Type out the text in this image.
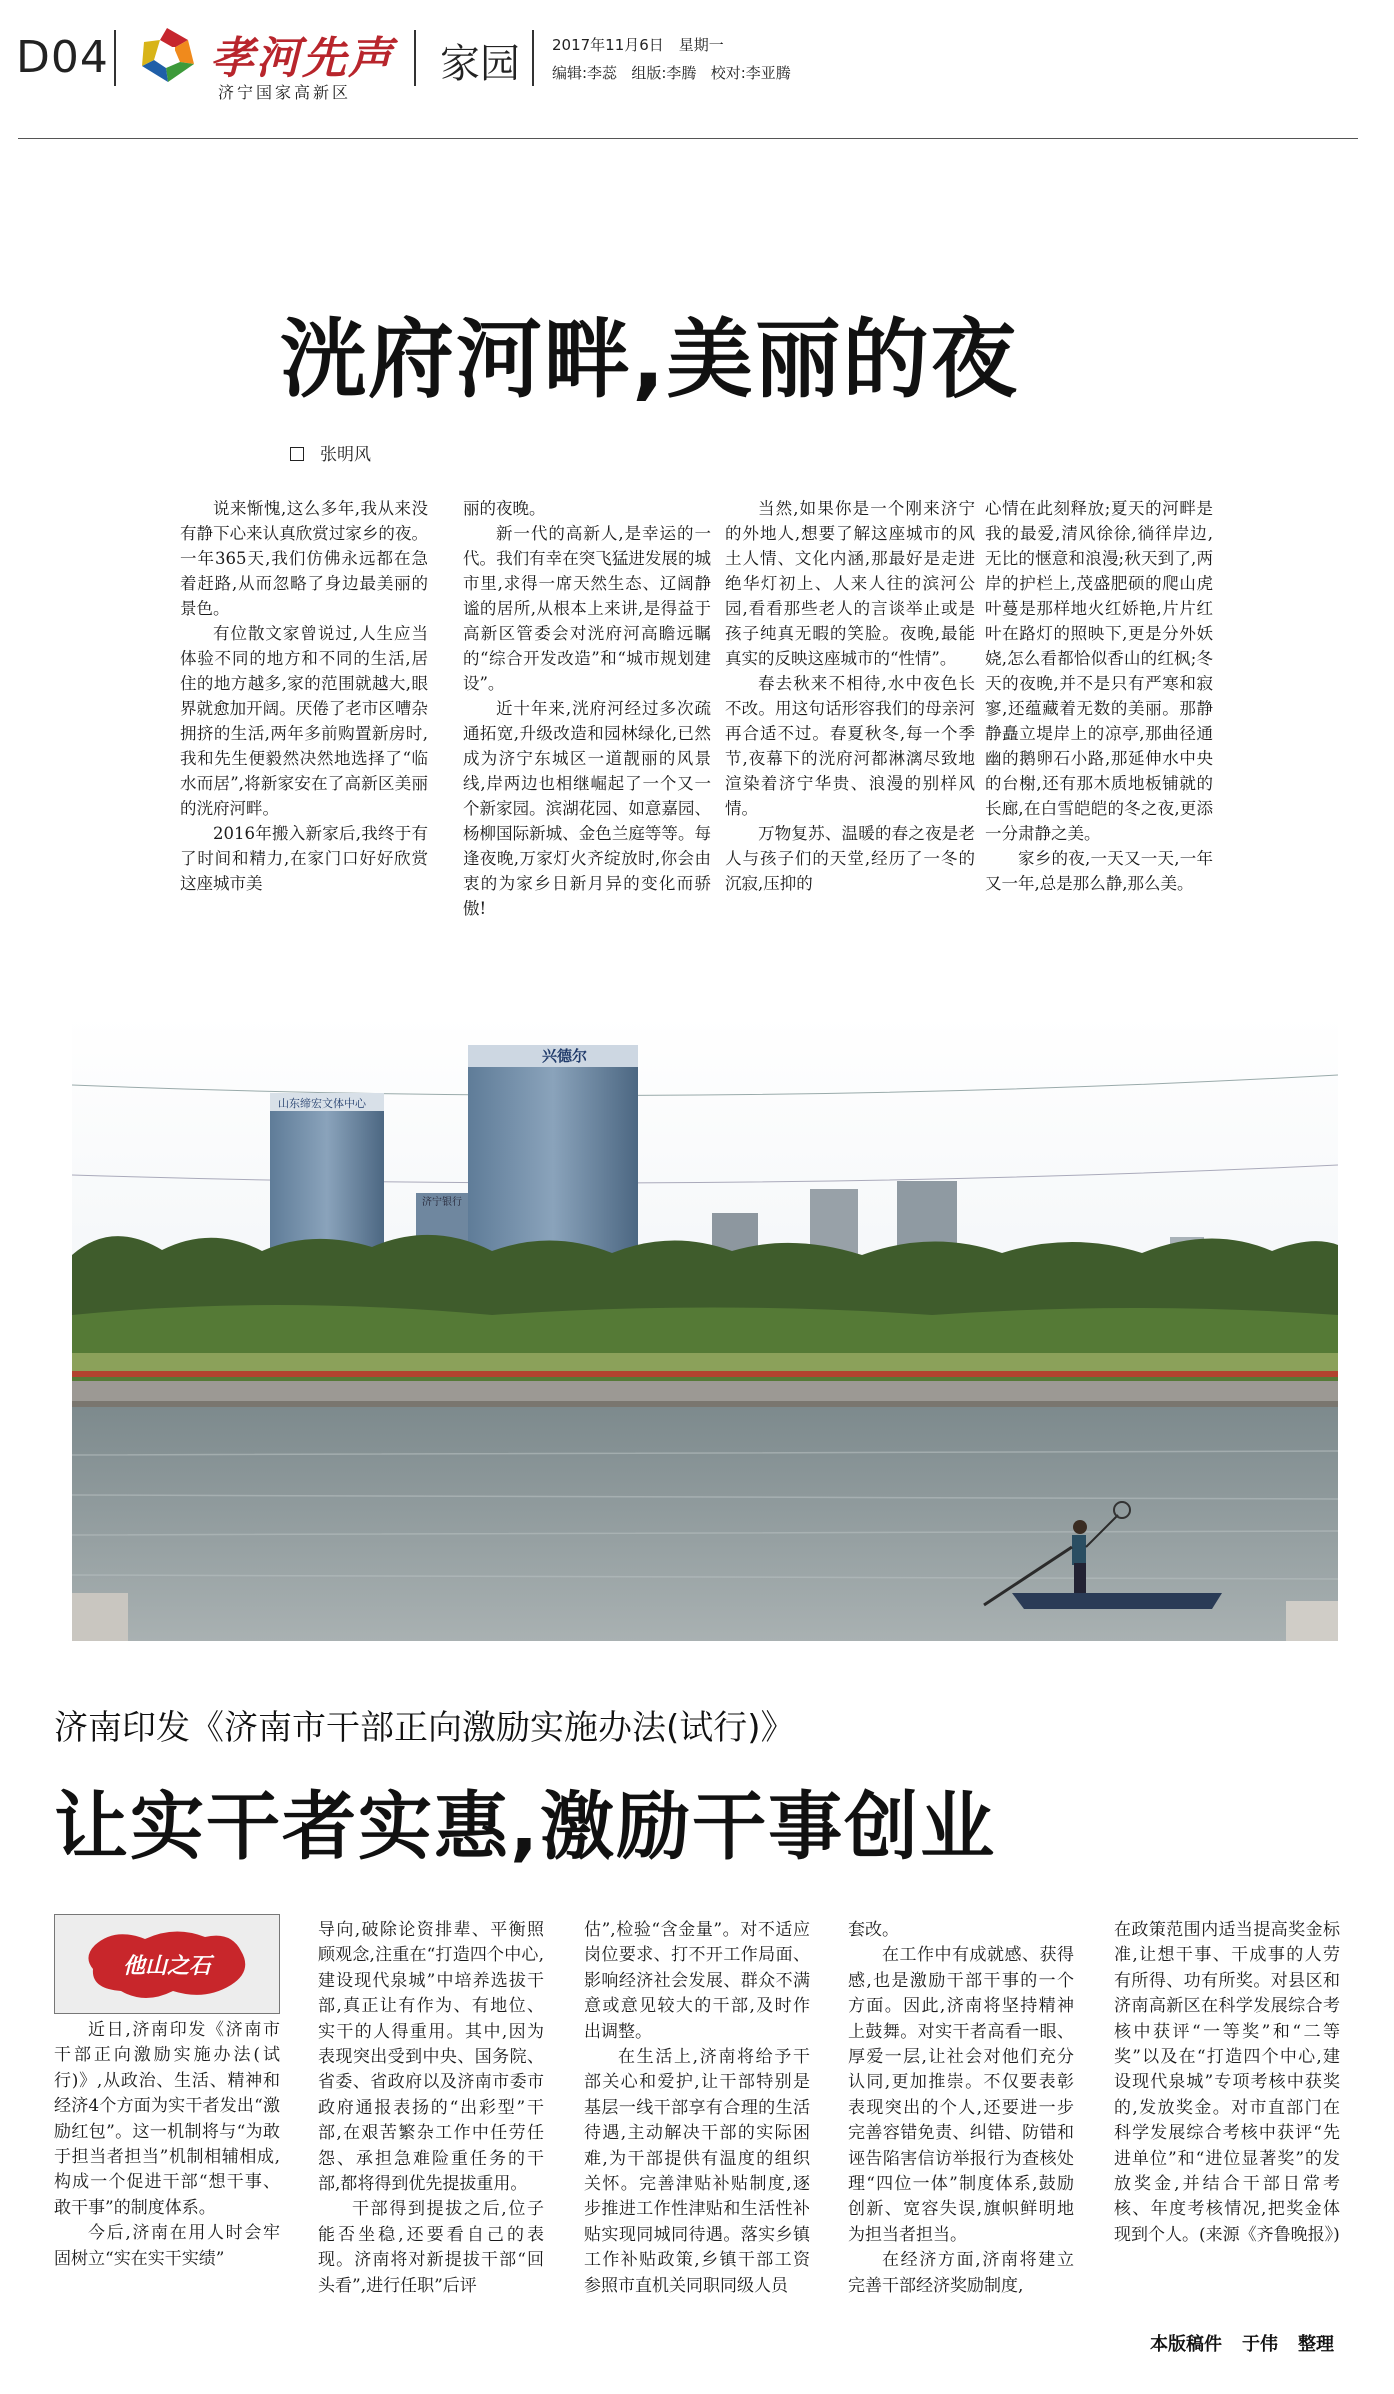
D04 孝河先声
济宁国家高新区
家园 2017年11月6日　星期一
编辑:李蕊 组版:李腾 校对:李亚腾
洸府河畔,美丽的夜
张明风

说来惭愧,这么多年,我从来没有静下心来认真欣赏过家乡的夜。一年365天,我们仿佛永远都在急着赶路,从而忽略了身边最美丽的景色。

有位散文家曾说过,人生应当体验不同的地方和不同的生活,居住的地方越多,家的范围就越大,眼界就愈加开阔。厌倦了老市区嘈杂拥挤的生活,两年多前购置新房时,我和先生便毅然决然地选择了“临水而居”,将新家安在了高新区美丽的洸府河畔。

2016年搬入新家后,我终于有了时间和精力,在家门口好好欣赏这座城市美

丽的夜晚。

新一代的高新人,是幸运的一代。我们有幸在突飞猛进发展的城市里,求得一席天然生态、辽阔静谧的居所,从根本上来讲,是得益于高新区管委会对洸府河高瞻远瞩的“综合开发改造”和“城市规划建设”。

近十年来,洸府河经过多次疏通拓宽,升级改造和园林绿化,已然成为济宁东城区一道靓丽的风景线,岸两边也相继崛起了一个又一个新家园。滨湖花园、如意嘉园、杨柳国际新城、金色兰庭等等。每逢夜晚,万家灯火齐绽放时,你会由衷的为家乡日新月异的变化而骄傲!

当然,如果你是一个刚来济宁的外地人,想要了解这座城市的风土人情、文化内涵,那最好是走进绝华灯初上、人来人往的滨河公园,看看那些老人的言谈举止或是孩子纯真无暇的笑脸。夜晚,最能真实的反映这座城市的“性情”。

春去秋来不相待,水中夜色长不改。用这句话形容我们的母亲河再合适不过。春夏秋冬,每一个季节,夜幕下的洸府河都淋漓尽致地渲染着济宁华贵、浪漫的别样风情。

万物复苏、温暖的春之夜是老人与孩子们的天堂,经历了一冬的沉寂,压抑的

心情在此刻释放;夏天的河畔是我的最爱,清风徐徐,徜徉岸边,无比的惬意和浪漫;秋天到了,两岸的护栏上,茂盛肥硕的爬山虎叶蔓是那样地火红娇艳,片片红叶在路灯的照映下,更是分外妖娆,怎么看都恰似香山的红枫;冬天的夜晚,并不是只有严寒和寂寥,还蕴藏着无数的美丽。那静静矗立堤岸上的凉亭,那曲径通幽的鹅卵石小路,那延伸水中央的台榭,还有那木质地板铺就的长廊,在白雪皑皑的冬之夜,更添一分肃静之美。

家乡的夜,一天又一天,一年又一年,总是那么静,那么美。

山东缔宏文体中心
济宁银行
兴德尔
济南印发《济南市干部正向激励实施办法(试行)》
让实干者实惠,激励干事创业
他山之石

近日,济南印发《济南市干部正向激励实施办法(试行)》,从政治、生活、精神和经济4个方面为实干者发出“激励红包”。这一机制将与“为敢于担当者担当”机制相辅相成,构成一个促进干部“想干事、敢干事”的制度体系。

今后,济南在用人时会牢固树立“实在实干实绩”

导向,破除论资排辈、平衡照顾观念,注重在“打造四个中心,建设现代泉城”中培养选拔干部,真正让有作为、有地位、实干的人得重用。其中,因为表现突出受到中央、国务院、省委、省政府以及济南市委市政府通报表扬的“出彩型”干部,在艰苦繁杂工作中任劳任怨、承担急难险重任务的干部,都将得到优先提拔重用。

干部得到提拔之后,位子能否坐稳,还要看自己的表现。济南将对新提拔干部“回头看”,进行任职”后评

估”,检验“含金量”。对不适应岗位要求、打不开工作局面、影响经济社会发展、群众不满意或意见较大的干部,及时作出调整。

在生活上,济南将给予干部关心和爱护,让干部特别是基层一线干部享有合理的生活待遇,主动解决干部的实际困难,为干部提供有温度的组织关怀。完善津贴补贴制度,逐步推进工作性津贴和生活性补贴实现同城同待遇。落实乡镇工作补贴政策,乡镇干部工资参照市直机关同职同级人员

套改。

在工作中有成就感、获得感,也是激励干部干事的一个方面。因此,济南将坚持精神上鼓舞。对实干者高看一眼、厚爱一层,让社会对他们充分认同,更加推崇。不仅要表彰表现突出的个人,还要进一步完善容错免责、纠错、防错和诬告陷害信访举报行为查核处理“四位一体”制度体系,鼓励创新、宽容失误,旗帜鲜明地为担当者担当。

在经济方面,济南将建立完善干部经济奖励制度,

在政策范围内适当提高奖金标准,让想干事、干成事的人劳有所得、功有所奖。对县区和济南高新区在科学发展综合考核中获评“一等奖”和“二等奖”以及在“打造四个中心,建设现代泉城”专项考核中获奖的,发放奖金。对市直部门在科学发展综合考核中获评“先进单位”和“进位显著奖”的发放奖金,并结合干部日常考核、年度考核情况,把奖金体现到个人。(来源《齐鲁晚报》)

本版稿件 于伟 整理
